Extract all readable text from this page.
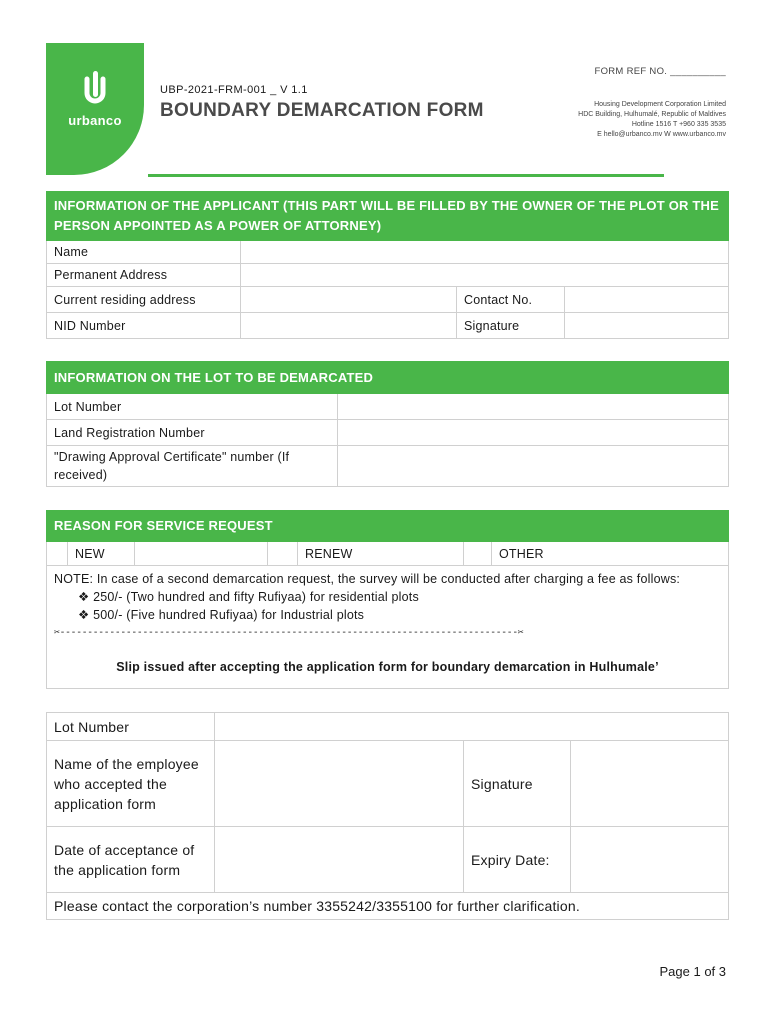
urbanco
UBP-2021-FRM-001 _ V 1.1
BOUNDARY DEMARCATION FORM
FORM REF NO. __________
Housing Development Corporation Limited
HDC Building, Hulhumalé, Republic of Maldives
Hotline 1516 T +960 335 3535
E hello@urbanco.mv W www.urbanco.mv
INFORMATION OF THE APPLICANT (THIS PART WILL BE FILLED BY THE OWNER OF THE PLOT OR THE PERSON APPOINTED AS A POWER OF ATTORNEY)			
Name			
Permanent Address			
Current residing address		Contact No.	
NID Number		Signature	
INFORMATION ON THE LOT TO BE DEMARCATED	
Lot Number	
Land Registration Number	
"Drawing Approval Certificate" number (If received)	
REASON FOR SERVICE REQUEST
	NEW			RENEW		OTHER

NOTE: In case of a second demarcation request, the survey will be conducted after charging a fee as follows:
❖ 250/- (Two hundred and fifty Rufiyaa) for residential plots
❖ 500/- (Five hundred Rufiyaa) for Industrial plots
✂-----------------------------------------------------------------------------------✂

Slip issued after accepting the application form for boundary demarcation in Hulhumale’
Lot Number			
Name of the employee who accepted the application form		Signature	
Date of acceptance of the application form		Expiry Date:	
Please contact the corporation’s number 3355242/3355100 for further clarification.			
Page 1 of 3
